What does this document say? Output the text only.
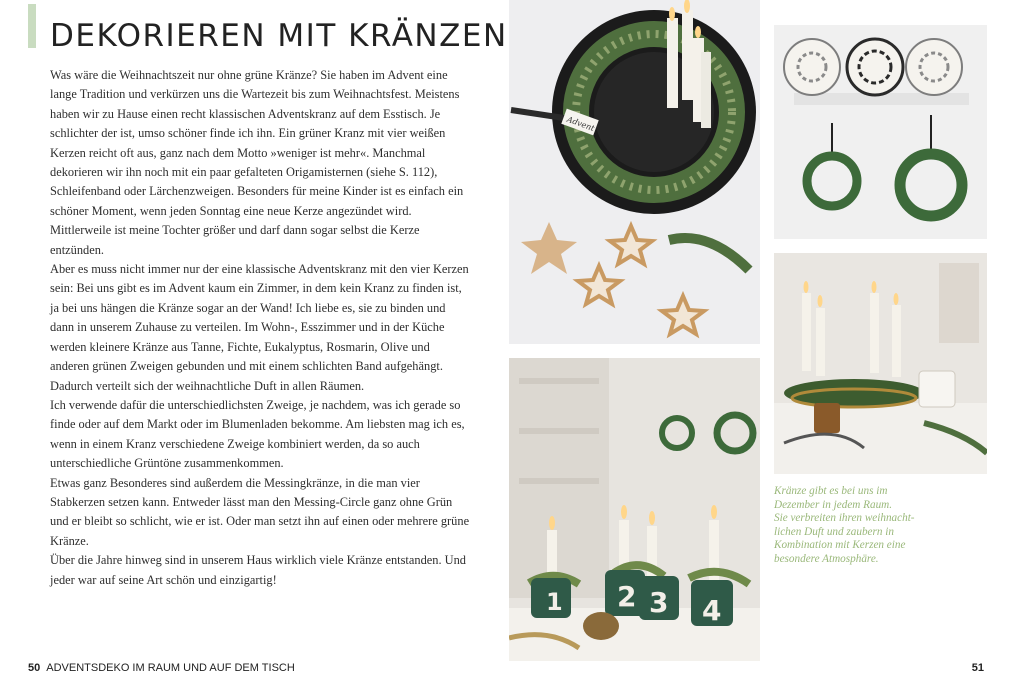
DEKORIEREN MIT KRÄNZEN

Was wäre die Weihnachtszeit nur ohne grüne Kränze? Sie haben im Advent eine lange Tradition und verkürzen uns die Wartezeit bis zum Weihnachtsfest. Meistens haben wir zu Hause einen recht klassischen Adventskranz auf dem Esstisch. Je schlichter der ist, umso schöner finde ich ihn. Ein grüner Kranz mit vier weißen Kerzen reicht oft aus, ganz nach dem Motto »weniger ist mehr«. Manchmal dekorieren wir ihn noch mit ein paar gefalteten Origamisternen (siehe S. 112), Schleifenband oder Lärchenzweigen. Besonders für meine Kinder ist es einfach ein schöner Moment, wenn jeden Sonntag eine neue Kerze angezündet wird. Mittlerweile ist meine Tochter größer und darf dann sogar selbst die Kerze entzünden.

Aber es muss nicht immer nur der eine klassische Adventskranz mit den vier Kerzen sein: Bei uns gibt es im Advent kaum ein Zimmer, in dem kein Kranz zu finden ist, ja bei uns hängen die Kränze sogar an der Wand! Ich liebe es, sie zu binden und dann in unserem Zuhause zu verteilen. Im Wohn-, Esszimmer und in der Küche werden kleinere Kränze aus Tanne, Fichte, Eukalyptus, Rosmarin, Olive und anderen grünen Zweigen gebunden und mit einem schlichten Band aufgehängt. Dadurch verteilt sich der weihnachtliche Duft in allen Räumen.

Ich verwende dafür die unterschiedlichsten Zweige, je nachdem, was ich gerade so finde oder auf dem Markt oder im Blumenladen bekomme. Am liebsten mag ich es, wenn in einem Kranz verschiedene Zweige kombiniert werden, da so auch unterschiedliche Grüntöne zusammenkommen.

Etwas ganz Besonderes sind außerdem die Messingkränze, in die man vier Stabkerzen setzen kann. Entweder lässt man den Messing-Circle ganz ohne Grün und er bleibt so schlicht, wie er ist. Oder man setzt ihn auf einen oder mehrere grüne Kränze.

Über die Jahre hinweg sind in unserem Haus wirklich viele Kränze entstanden. Und jeder war auf seine Art schön und einzigartig!

Advent
1 2 3 4
Kränze gibt es bei uns im
Dezember in jedem Raum.
Sie verbreiten ihren weihnacht-
lichen Duft und zaubern in
Kombination mit Kerzen eine
besondere Atmosphäre.
50 ADVENTSDEKO IM RAUM UND AUF DEM TISCH	51
